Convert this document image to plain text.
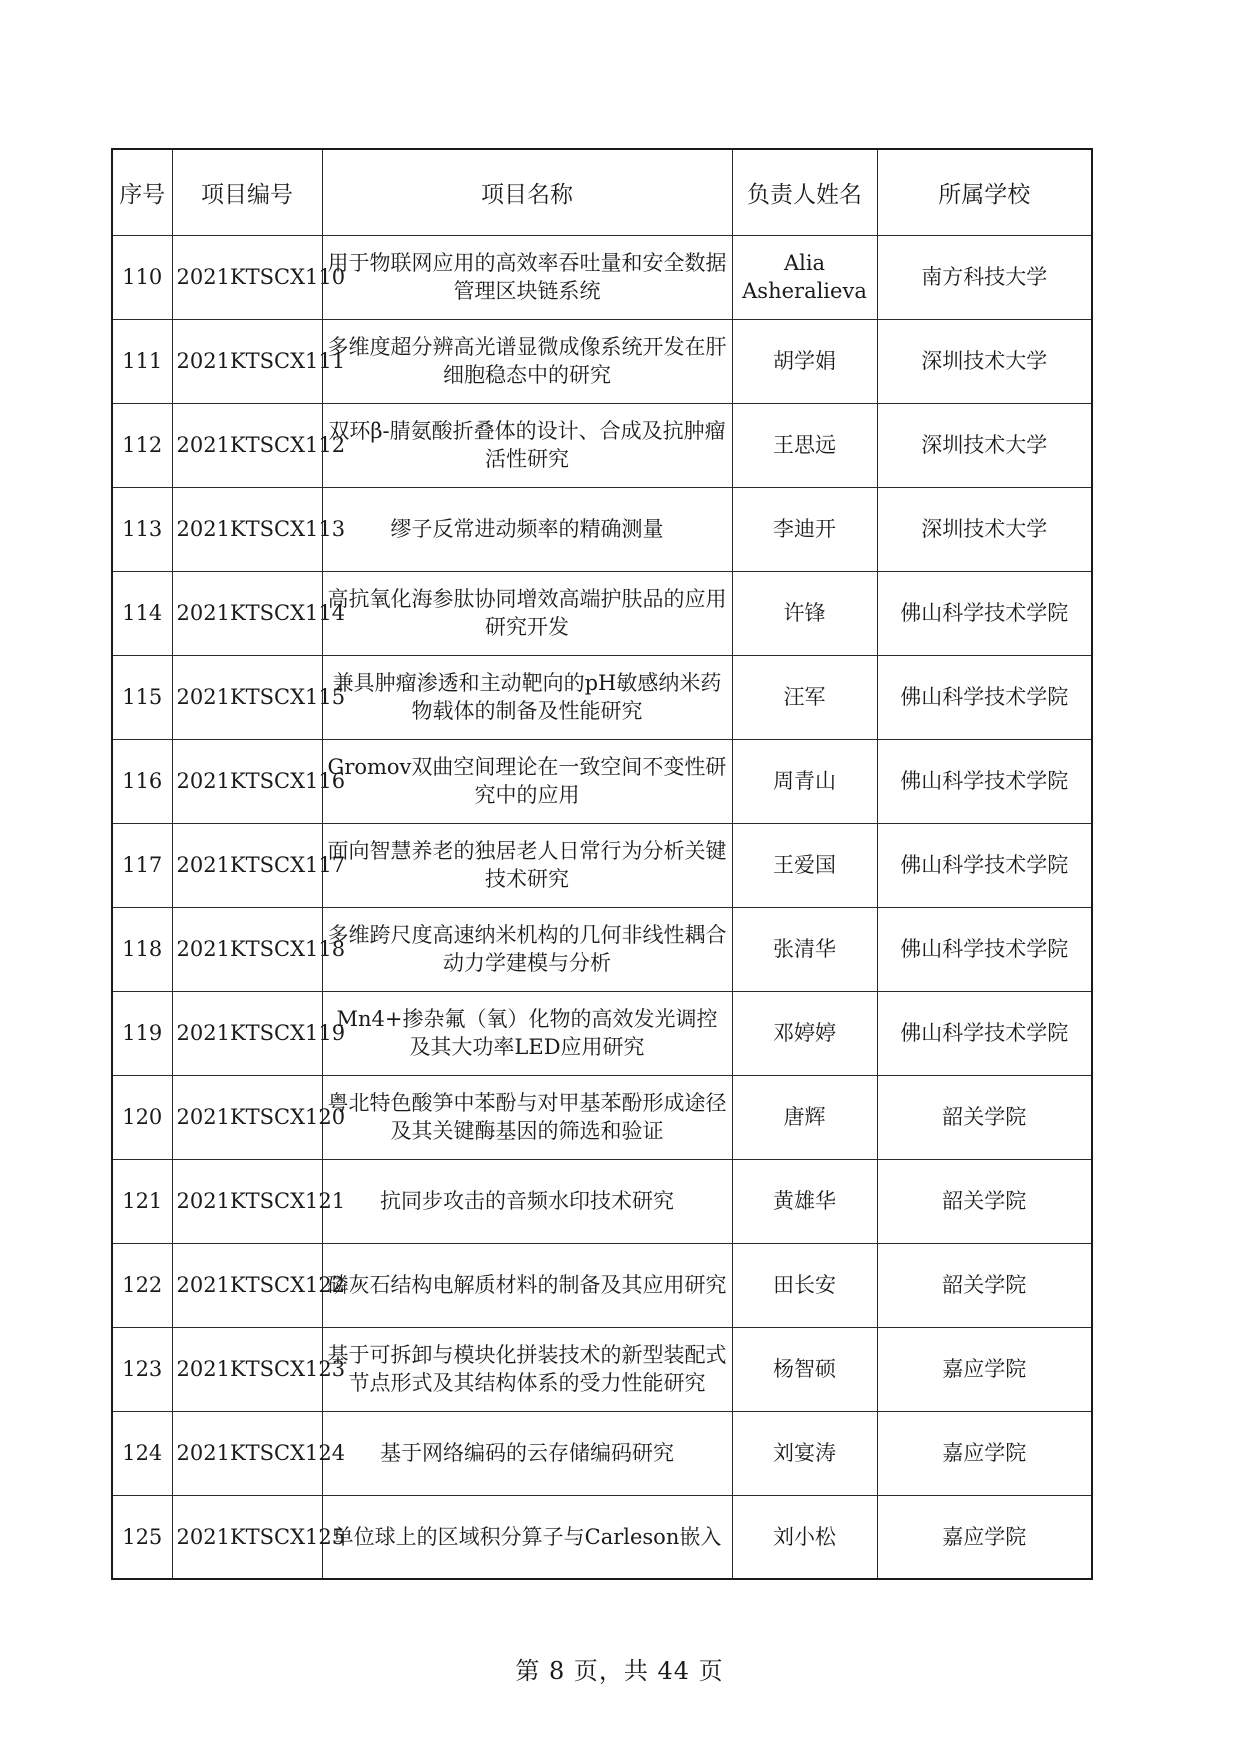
序号	项目编号	项目名称	负责人姓名	所属学校
110	2021KTSCX110	用于物联网应用的高效率吞吐量和安全数据管理区块链系统	Alia Asheralieva	南方科技大学
111	2021KTSCX111	多维度超分辨高光谱显微成像系统开发在肝细胞稳态中的研究	胡学娟	深圳技术大学
112	2021KTSCX112	双环β-腈氨酸折叠体的设计、合成及抗肿瘤活性研究	王思远	深圳技术大学
113	2021KTSCX113	缪子反常进动频率的精确测量	李迪开	深圳技术大学
114	2021KTSCX114	高抗氧化海参肽协同增效高端护肤品的应用研究开发	许锋	佛山科学技术学院
115	2021KTSCX115	兼具肿瘤渗透和主动靶向的pH敏感纳米药物载体的制备及性能研究	汪军	佛山科学技术学院
116	2021KTSCX116	Gromov双曲空间理论在一致空间不变性研究中的应用	周青山	佛山科学技术学院
117	2021KTSCX117	面向智慧养老的独居老人日常行为分析关键技术研究	王爱国	佛山科学技术学院
118	2021KTSCX118	多维跨尺度高速纳米机构的几何非线性耦合动力学建模与分析	张清华	佛山科学技术学院
119	2021KTSCX119	Mn4+掺杂氟（氧）化物的高效发光调控及其大功率LED应用研究	邓婷婷	佛山科学技术学院
120	2021KTSCX120	粤北特色酸笋中苯酚与对甲基苯酚形成途径及其关键酶基因的筛选和验证	唐辉	韶关学院
121	2021KTSCX121	抗同步攻击的音频水印技术研究	黄雄华	韶关学院
122	2021KTSCX122	磷灰石结构电解质材料的制备及其应用研究	田长安	韶关学院
123	2021KTSCX123	基于可拆卸与模块化拼装技术的新型装配式节点形式及其结构体系的受力性能研究	杨智硕	嘉应学院
124	2021KTSCX124	基于网络编码的云存储编码研究	刘宴涛	嘉应学院
125	2021KTSCX125	单位球上的区域积分算子与Carleson嵌入	刘小松	嘉应学院
第 8 页，共 44 页
